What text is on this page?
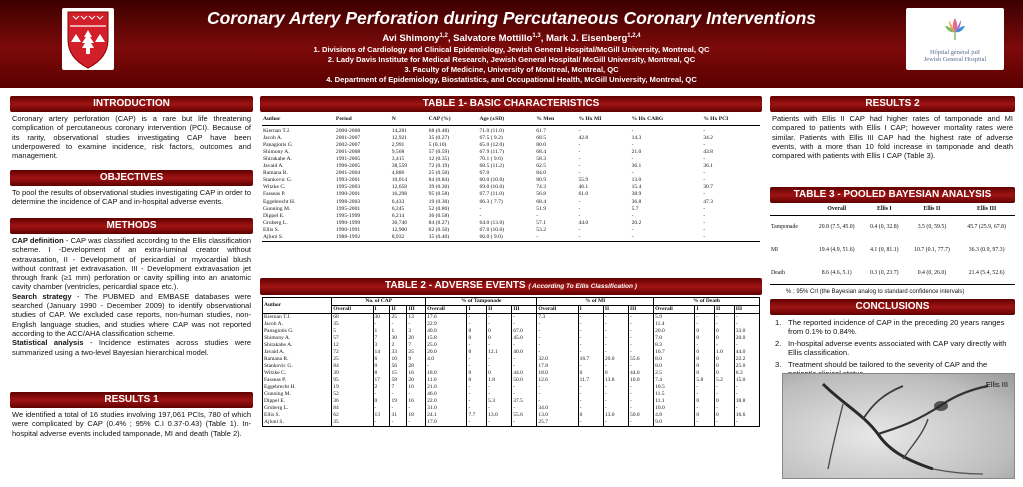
Coronary Artery Perforation during Percutaneous Coronary Interventions
Avi Shimony$^{1,2}$, Salvatore Mottillo$^{1,3}$, Mark J. Eisenberg$^{1,2,4}$
1. Divisions of Cardiology and Clinical Epidemiology, Jewish General Hospital/McGill University, Montreal, QC
2. Lady Davis Institute for Medical Research, Jewish General Hospital/ McGill University, Montreal, QC
3. Faculty of Medicine, University of Montreal, Montreal, QC
4. Department of Epidemiology, Biostatistics, and Occupational Health, McGill University, Montreal, QC
Hôpital général juif
Jewish General Hospital
INTRODUCTION
Coronary artery perforation (CAP) is a rare but life threatening complication of percutaneous coronary intervention (PCI). Because of its rarity, observational studies investigating CAP have been underpowered to examine incidence, risk factors, outcomes and management.
OBJECTIVES
To pool the results of observational studies investigating CAP in order to determine the incidence of CAP and in-hospital adverse events.
METHODS
CAP definition - CAP was classified according to the Ellis classification scheme. I -Development of an extra-luminal creator without extravasation, II - Development of pericardial or myocardial blush without contrast jet extravasation. III - Development extravasation jet through frank (≥1 mm) perforation or cavity spilling into an anatomic cavity chamber (ventricles, pericardial space etc.).
Search strategy - The PUBMED and EMBASE databases were searched (January 1990 - December 2009) to identify observational studies of CAP. We excluded case reports, non-human studies, non-English language studies, and studies where CAP was not reported according to the ACC/AHA classification scheme.
Statistical analysis - Incidence estimates across studies were summarized using a two-level Bayesian hierarchical model.
RESULTS 1
We identified a total of 16 studies involving 197,061 PCIs, 780 of which were complicated by CAP (0.4% ; 95% C.I 0.37-0.43) (Table 1). In-hospital adverse events included tamponade, MI and death (Table 2).
TABLE 1- BASIC CHARACTERISTICS
Author	Period	N	CAP (%)	Age (±SD)	% Men	% Hx MI	% Hx CABG	% Hx PCI
Kiernan T.J.	2000-2008	14,281	68 (0.48)	71.0 (11.0)	61.7	-	-	-
Jacob A.	2001-2007	12,921	35 (0.27)	67.5 ( 9.2)	68.5	42.8	14.3	34.2
Panagiotis G.	2002-2007	2,991	5 (0.10)	65.0 (12.0)	80.0	-	-	-
Shimony A.	2001-2008	9,568	57 (0.59)	67.9 (11.7)	68.4	-	21.0	43.8
Shirakabe A.	1991-2005	3,415	12 (0.35)	70.1 ( 9.6)	58.3	-	-	-
Javaid A.	1996-2005	38,559	72 (0.19)	68.5 (11.2)	62.5	-	36.1	36.1
Ramana R.	2001-2004	4,886	25 (0.50)	67.0	84.0	-	-	-
Stankovic G.	1993-2001	10,014	84 (0.84)	60.0 (10.0)	80.9	55.9	13.0	-
Witzke C.	1995-2003	12,658	39 (0.30)	69.0 (10.0)	74.3	46.1	15.4	30.7
Fasseas P.	1990-2001	16,298	95 (0.58)	67.7 (11.0)	56.8	61.0	38.9	-
Eggebrecht H.	1998-2003	6,433	19 (0.30)	66.3 ( 7.7)	68.4	-	36.8	47.3
Gunning M.	1995-2001	6,245	52 (0.80)	-	51.9	-	5.7	-
Dippel E.	1995-1999	6,214	36 (0.58)	-	-	-	-	-
Gruberg L.	1990-1999	30,746	84 (0.27)	64.0 (13.0)	57.1	44.0	20.2	-
Ellis S.	1990-1991	12,900	62 (0.50)	67.0 (10.0)	53.2	-	-	-
Ajluni S.	1988-1992	8,932	35 (0.40)	66.0 ( 9.0)	-	-	-	-
TABLE 2 - ADVERSE EVENTS ( According To Ellis Classification )
Author	No. of CAP				% of Tamponade				% of MI				% of Death			
	Overall	I	II	III	Overall	I	II	III	Overall	I	II	III	Overall	I	II	III
Kiernan T.J.	68	30	25	13	17.6	-	-	-	7.3	-	-	-	5.9	-	-	-
Jacob A.	35	-	-	-	22.9	-	-	-	-	-	-	-	11.4	-	-	-
Panagiotis G.	5	1	1	3	40.0	0	0	67.0	-	-	-	-	20.0	0	0	33.0
Shimony A.	57	7	30	20	15.8	0	0	45.0	-	-	-	-	7.0	0	0	20.0
Shirakabe A.	12	3	2	7	25.0	-	-	-	-	-	-	-	8.3	-	-	-
Javaid A.	72	14	33	25	20.0	0	12.1	40.0	-	-	-	-	16.7	0	1.0	44.0
Ramana R.	25	6	10	9	4.0	-	-	-	32.0	16.7	20.0	55.6	8.0	0	0	22.2
Stankovic G.	84	0	56	28	-	-	-	-	17.8	-	-	-	8.0	0	0	25.0
Witzke C.	39	8	15	16	18.0	0	0	44.0	18.0	0	0	44.0	2.5	0	0	6.3
Fasseas P.	95	17	58	20	11.6	0	1.8	50.0	12.6	11.7	13.8	10.0	7.4	5.8	5.2	15.0
Eggebrecht H.	19	2	7	10	21.0	-	-	-	-	-	-	-	10.5	-	-	-
Gunning M.	52	-	-	-	46.0	-	-	-	-	-	-	-	11.5	-	-	-
Dippel E.	36	0	19	16	22.0	-	5.3	37.5	-	-	-	-	11.1	0	0	18.8
Gruberg L.	84	-	-	-	31.0	-	-	-	34.0	-	-	-	10.0	-	-	-
Ellis S.	62	13	31	18	24.1	7.7	13.0	55.6	13.0	0	13.0	50.0	4.8	0	0	16.6
Ajluni S.	35	-	-	-	17.0	-	-	-	25.7	-	-	-	9.0	-	-	-
RESULTS 2
Patients with Ellis II CAP had higher rates of tamponade and MI compared to patients with Ellis I CAP; however mortality rates were similar. Patients with Ellis III CAP had the highest rate of adverse events, with a more than 10 fold increase in tamponade and death compared with patients with Ellis I CAP (Table 3).
TABLE 3 - POOLED BAYESIAN ANALYSIS
	Overall	Ellis I	Ellis II	Ellis III
Tamponade	20.8 (7.5, 45.0)	0.4 (0, 32.8)	3.5 (0, 59.5)	45.7 (25.9, 67.8)
MI	19.4 (4.9, 51.6)	4.1 (0, 81.1)	10.7 (0.1, 77.7)	36.3 (0.9, 97.3)
Death	8.6 (4.6, 5.1)	0.3 (0, 23.7)	0.4 (0, 26.0)	21.4 (5.4, 52.6)
% ; 95% CrI (the Bayesian analog to standard confidence intervals)
CONCLUSIONS
The reported incidence of CAP in the preceding 20 years ranges from 0.1% to 0.84%.
In-hospital adverse events associated with CAP vary directly with Ellis classification.
Treatment should be tailored to the severity of CAP and the
Ellis III
